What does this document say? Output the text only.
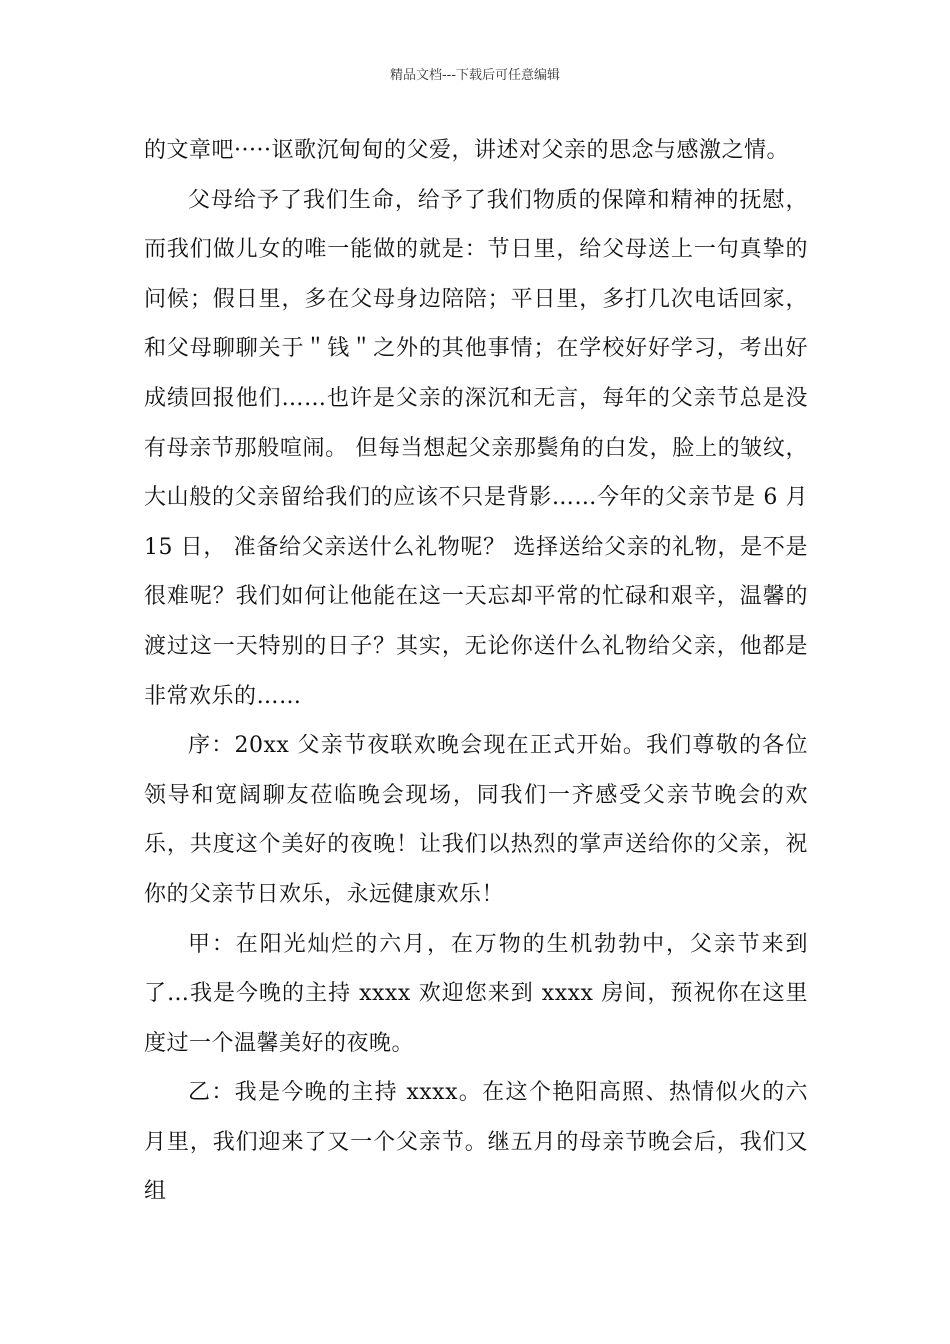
精品文档---下载后可任意编辑

的文章吧·····讴歌沉甸甸的父爱，讲述对父亲的思念与感激之情。

父母给予了我们生命，给予了我们物质的保障和精神的抚慰，而我们做儿女的唯一能做的就是：节日里，给父母送上一句真挚的问候；假日里，多在父母身边陪陪；平日里，多打几次电话回家，和父母聊聊关于＂钱＂之外的其他事情；在学校好好学习，考出好成绩回报他们……也许是父亲的深沉和无言，每年的父亲节总是没有母亲节那般喧闹。 但每当想起父亲那鬓角的白发，脸上的皱纹，大山般的父亲留给我们的应该不只是背影……今年的父亲节是 6 月 15 日， 准备给父亲送什么礼物呢？ 选择送给父亲的礼物，是不是很难呢？我们如何让他能在这一天忘却平常的忙碌和艰辛，温馨的渡过这一天特别的日子？其实，无论你送什么礼物给父亲，他都是非常欢乐的……

序：20xx 父亲节夜联欢晚会现在正式开始。我们尊敬的各位领导和宽阔聊友莅临晚会现场，同我们一齐感受父亲节晚会的欢乐，共度这个美好的夜晚！让我们以热烈的掌声送给你的父亲，祝你的父亲节日欢乐，永远健康欢乐！

甲：在阳光灿烂的六月，在万物的生机勃勃中，父亲节来到了…我是今晚的主持 xxxx 欢迎您来到 xxxx 房间，预祝你在这里度过一个温馨美好的夜晚。

乙：我是今晚的主持 xxxx。在这个艳阳高照、热情似火的六月里，我们迎来了又一个父亲节。继五月的母亲节晚会后，我们又组
